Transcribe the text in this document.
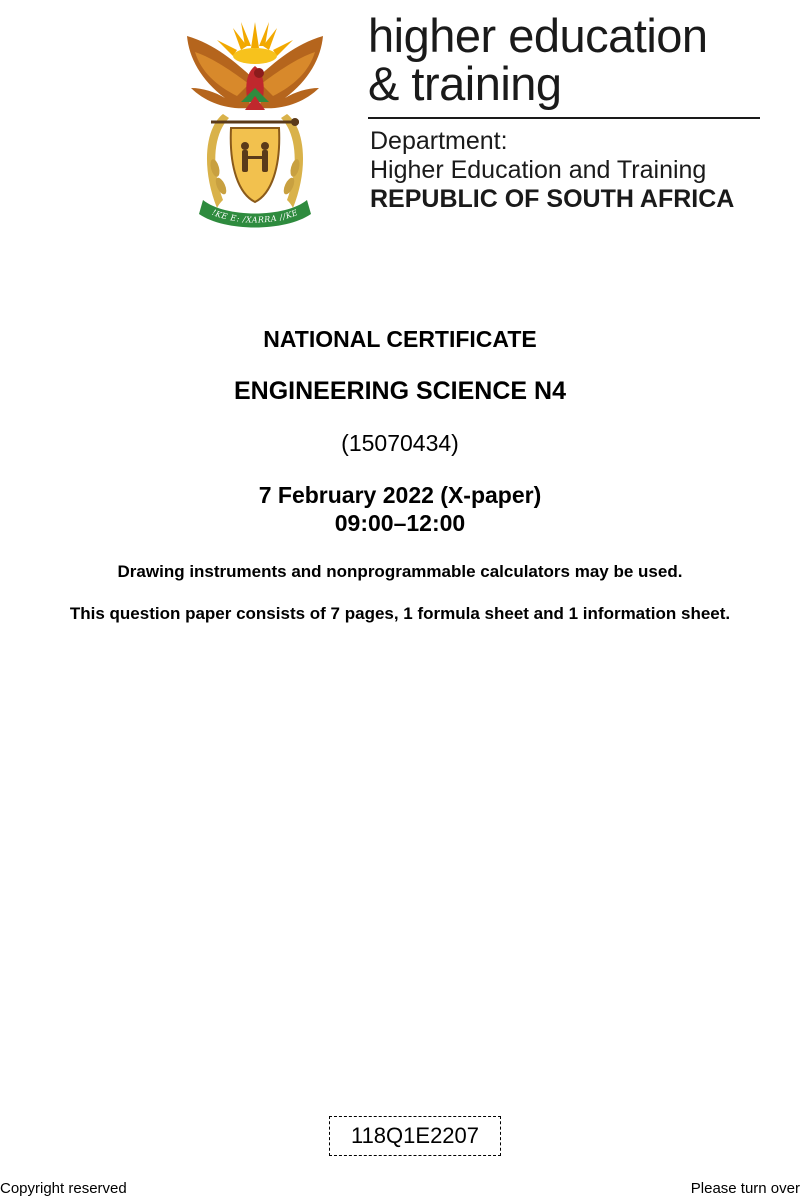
!KE E: /XARRA //KE
higher education
& training
Department:
Higher Education and Training
REPUBLIC OF SOUTH AFRICA
NATIONAL CERTIFICATE
ENGINEERING SCIENCE N4
(15070434)
7 February 2022 (X-paper)
09:00–12:00
Drawing instruments and nonprogrammable calculators may be used.
This question paper consists of 7 pages, 1 formula sheet and 1 information sheet.
118Q1E2207
Copyright reserved	Please turn over
